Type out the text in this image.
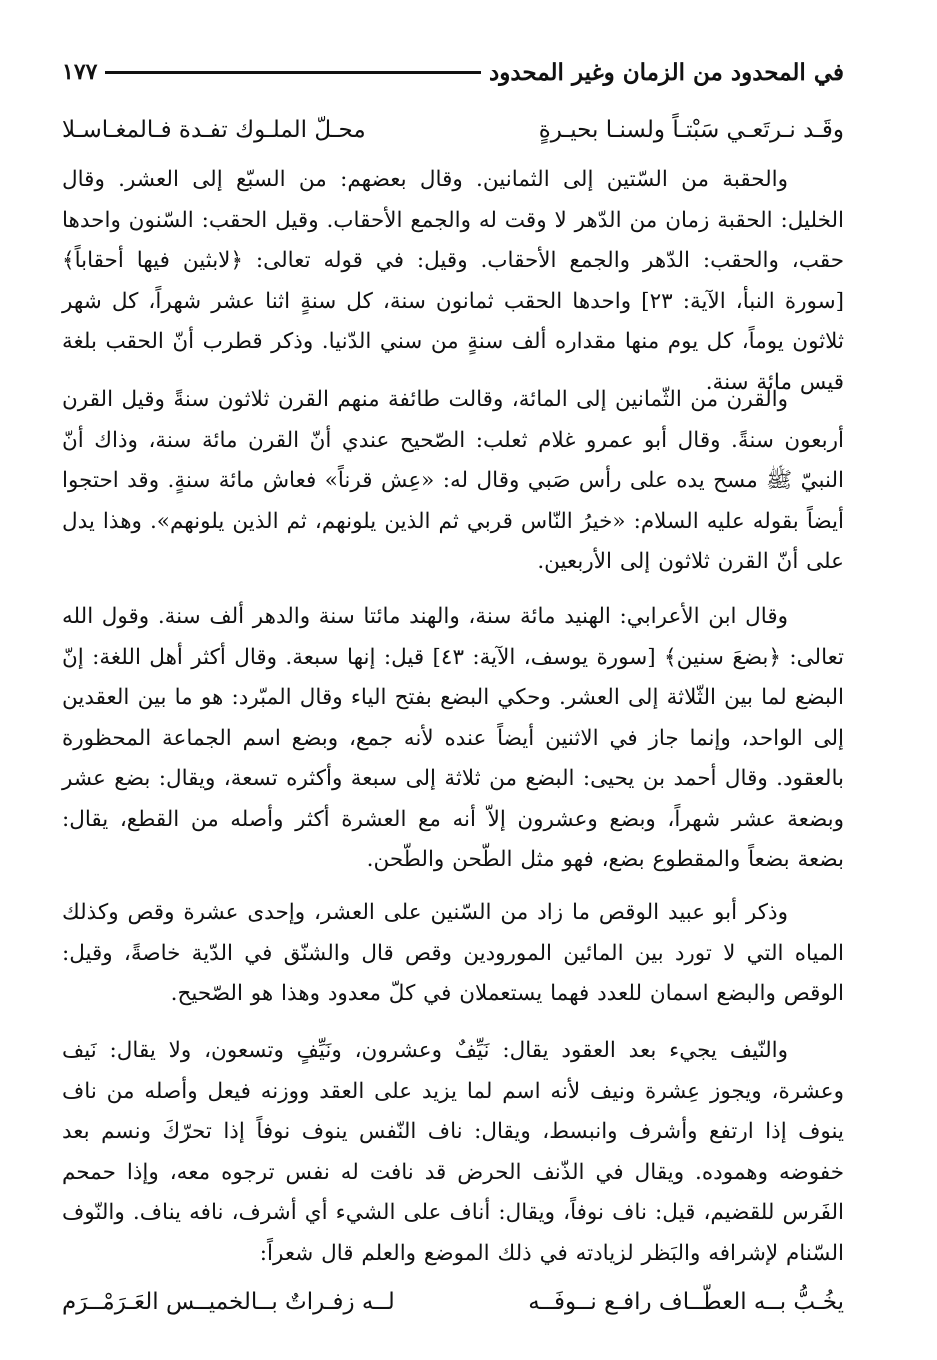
في المحدود من الزمان وغير المحدود
١٧٧
وقَـد نـرتَعـي سَبْتـاً ولسنـا بحيـرةٍ
محـلّ الملـوك تفـدة فـالمغـاسـلا

والحقبة من السّتين إلى الثمانين. وقال بعضهم: من السبّع إلى العشر. وقال الخليل: الحقبة زمان من الدّهر لا وقت له والجمع الأحقاب. وقيل الحقب: السّنون واحدها حقب، والحقب: الدّهر والجمع الأحقاب. وقيل: في قوله تعالى: ﴿لابثين فيها أحقاباً﴾ [سورة النبأ، الآية: ٢٣] واحدها الحقب ثمانون سنة، كل سنةٍ اثنا عشر شهراً، كل شهر ثلاثون يوماً، كل يوم منها مقداره ألف سنةٍ من سني الدّنيا. وذكر قطرب أنّ الحقب بلغة قيس مائة سنة.

والقرن من الثّمانين إلى المائة، وقالت طائفة منهم القرن ثلاثون سنةً وقيل القرن أربعون سنةً. وقال أبو عمرو غلام ثعلب: الصّحيح عندي أنّ القرن مائة سنة، وذاك أنّ النبيّ ﷺ مسح يده على رأس صَبي وقال له: «عِش قرناً» فعاش مائة سنةٍ. وقد احتجوا أيضاً بقوله عليه السلام: «خيرُ النّاس قربي ثم الذين يلونهم، ثم الذين يلونهم». وهذا يدل على أنّ القرن ثلاثون إلى الأربعين.

وقال ابن الأعرابي: الهنيد مائة سنة، والهند مائتا سنة والدهر ألف سنة. وقول الله تعالى: ﴿بضعَ سنين﴾ [سورة يوسف، الآية: ٤٣] قيل: إنها سبعة. وقال أكثر أهل اللغة: إنّ البضع لما بين الثّلاثة إلى العشر. وحكي البضع بفتح الياء وقال المبّرد: هو ما بين العقدين إلى الواحد، وإنما جاز في الاثنين أيضاً عنده لأنه جمع، وبضع اسم الجماعة المحظورة بالعقود. وقال أحمد بن يحيى: البضع من ثلاثة إلى سبعة وأكثره تسعة، ويقال: بضع عشر وبضعة عشر شهراً، وبضع وعشرون إلاّ أنه مع العشرة أكثر وأصله من القطع، يقال: بضعة بضعاً والمقطوع بضع، فهو مثل الطّحن والطّحن.

وذكر أبو عبيد الوقص ما زاد من السّنين على العشر، وإحدى عشرة وقص وكذلك المياه التي لا تورد بين المائين المورودين وقص قال والشنّق في الدّية خاصةً، وقيل: الوقص والبضع اسمان للعدد فهما يستعملان في كلّ معدود وهذا هو الصّحيح.

والنّيف يجيء بعد العقود يقال: نَيِّفٌ وعشرون، ونَيِّفٍ وتسعون، ولا يقال: نَيف وعشرة، ويجوز عِشرة ونيف لأنه اسم لما يزيد على العقد ووزنه فيعل وأصله من ناف ينوف إذا ارتفع وأشرف وانبسط، ويقال: ناف النّفس ينوف نوفاً إذا تحرّكَ ونسم بعد خفوضه وهموده. ويقال في الذّنف الحرض قد نافت له نفس ترجوه معه، وإذا حمحم الفَرس للقضيم، قيل: ناف نوفاً، ويقال: أناف على الشيء أي أشرف، نافه يناف. والنّوف السّنام لإشرافه والبَظر لزيادته في ذلك الموضع والعلم قال شعراً:

يخُـبُّ بــه العطّــاف رافـع نــوفَــه
لــه زفـراتٌ بــالخميــس العَـرَمْــرَم
